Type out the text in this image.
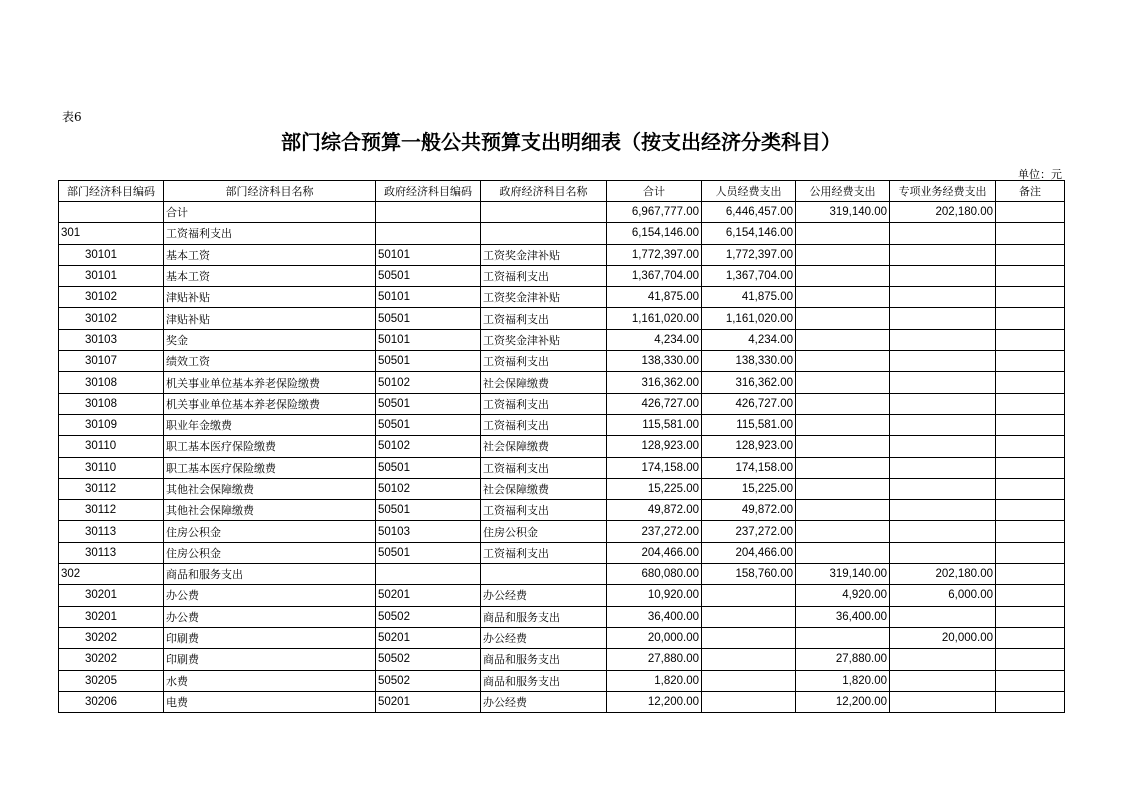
表6
部门综合预算一般公共预算支出明细表（按支出经济分类科目）
单位：元
部门经济科目编码	部门经济科目名称	政府经济科目编码	政府经济科目名称	合计	人员经费支出	公用经费支出	专项业务经费支出	备注
	合计			6,967,777.00	6,446,457.00	319,140.00	202,180.00	
301	工资福利支出			6,154,146.00	6,154,146.00			
30101	基本工资	50101	工资奖金津补贴	1,772,397.00	1,772,397.00			
30101	基本工资	50501	工资福利支出	1,367,704.00	1,367,704.00			
30102	津贴补贴	50101	工资奖金津补贴	41,875.00	41,875.00			
30102	津贴补贴	50501	工资福利支出	1,161,020.00	1,161,020.00			
30103	奖金	50101	工资奖金津补贴	4,234.00	4,234.00			
30107	绩效工资	50501	工资福利支出	138,330.00	138,330.00			
30108	机关事业单位基本养老保险缴费	50102	社会保障缴费	316,362.00	316,362.00			
30108	机关事业单位基本养老保险缴费	50501	工资福利支出	426,727.00	426,727.00			
30109	职业年金缴费	50501	工资福利支出	115,581.00	115,581.00			
30110	职工基本医疗保险缴费	50102	社会保障缴费	128,923.00	128,923.00			
30110	职工基本医疗保险缴费	50501	工资福利支出	174,158.00	174,158.00			
30112	其他社会保障缴费	50102	社会保障缴费	15,225.00	15,225.00			
30112	其他社会保障缴费	50501	工资福利支出	49,872.00	49,872.00			
30113	住房公积金	50103	住房公积金	237,272.00	237,272.00			
30113	住房公积金	50501	工资福利支出	204,466.00	204,466.00			
302	商品和服务支出			680,080.00	158,760.00	319,140.00	202,180.00	
30201	办公费	50201	办公经费	10,920.00		4,920.00	6,000.00	
30201	办公费	50502	商品和服务支出	36,400.00		36,400.00		
30202	印刷费	50201	办公经费	20,000.00			20,000.00	
30202	印刷费	50502	商品和服务支出	27,880.00		27,880.00		
30205	水费	50502	商品和服务支出	1,820.00		1,820.00		
30206	电费	50201	办公经费	12,200.00		12,200.00		
